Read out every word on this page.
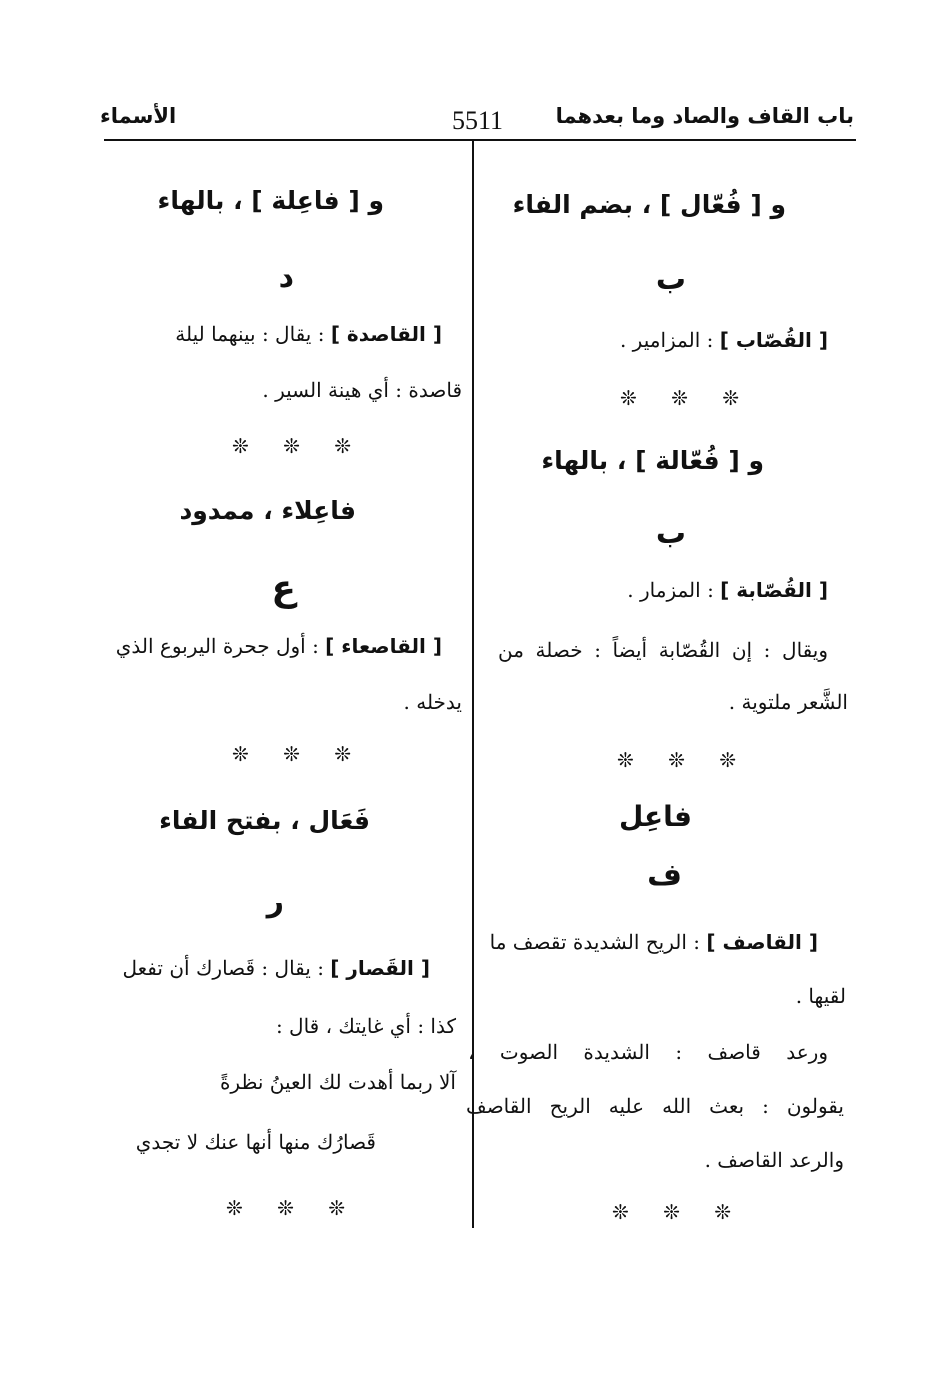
باب القاف والصاد وما بعدهما
5511
الأسماء
و [ فُعّال ] ، بضم الفاء
ب
[ القُصّاب ] : المزامير .
❊ ❊ ❊
و [ فُعّالة ] ، بالهاء
ب
[ القُصّابة ] : المزمار .
ويقال : إن القُصّابة أيضاً : خصلة من
الشَّعر ملتوية .
❊ ❊ ❊
فاعِل
ف
[ القاصف ] : الريح الشديدة تقصف ما
لقيها .
ورعد قاصف : الشديدة الصوت ،
يقولون : بعث الله عليه الريح القاصف
والرعد القاصف .
❊ ❊ ❊
و [ فاعِلة ] ، بالهاء
د
[ القاصدة ] : يقال : بينهما ليلة
قاصدة : أي هينة السير .
❊ ❊ ❊
فاعِلاء ، ممدود
ع
[ القاصعاء ] : أول جحرة اليربوع الذي
يدخله .
❊ ❊ ❊
فَعَال ، بفتح الفاء
ر
[ القَصار ] : يقال : قَصارك أن تفعل
كذا : أي غايتك ، قال :
آلا ربما أهدت لك العينُ نظرةً
قَصارُك منها أنها عنك لا تجدي
❊ ❊ ❊
